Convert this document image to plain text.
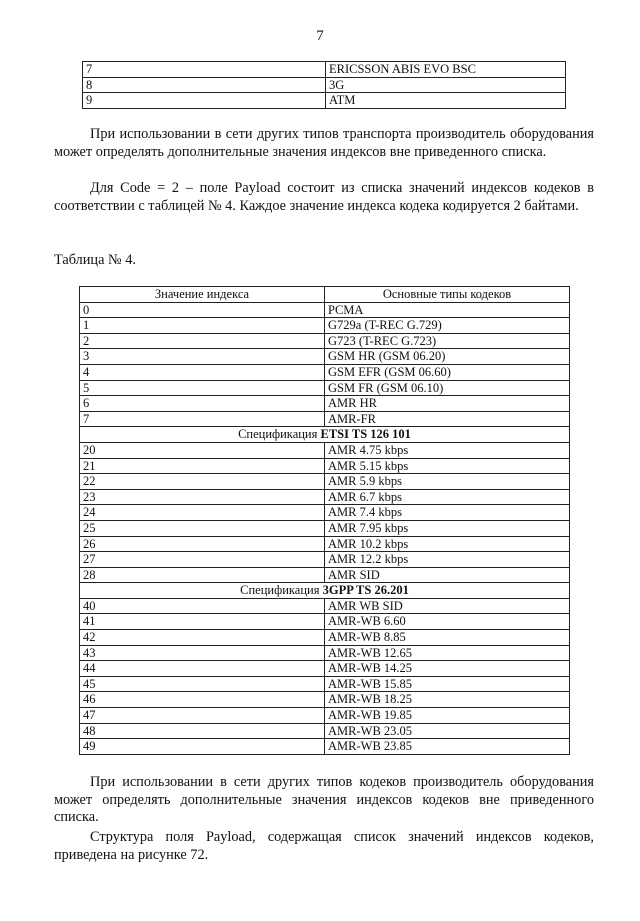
7
7	ERICSSON ABIS EVO BSC
8	3G
9	ATM

При использовании в сети других типов транспорта производитель оборудования может определять дополнительные значения индексов вне приведенного списка.

Для Code = 2 – поле Payload состоит из списка значений индексов кодеков в соответствии с таблицей № 4. Каждое значение индекса кодека кодируется 2 байтами.

Таблица № 4.

Значение индекса	Основные типы кодеков
0	PCMA
1	G729a (T-REC G.729)
2	G723 (T-REC G.723)
3	GSM HR (GSM 06.20)
4	GSM EFR (GSM 06.60)
5	GSM FR (GSM 06.10)
6	AMR HR
7	AMR-FR
Спецификация ETSI TS 126 101	
20	AMR 4.75 kbps
21	AMR 5.15 kbps
22	AMR 5.9 kbps
23	AMR 6.7 kbps
24	AMR 7.4 kbps
25	AMR 7.95 kbps
26	AMR 10.2 kbps
27	AMR 12.2 kbps
28	AMR SID
Спецификация 3GPP TS 26.201	
40	AMR WB SID
41	AMR-WB 6.60
42	AMR-WB 8.85
43	AMR-WB 12.65
44	AMR-WB 14.25
45	AMR-WB 15.85
46	AMR-WB 18.25
47	AMR-WB 19.85
48	AMR-WB 23.05
49	AMR-WB 23.85

При использовании в сети других типов кодеков производитель оборудования может определять дополнительные значения индексов кодеков вне приведенного списка.

Структура поля Payload, содержащая список значений индексов кодеков, приведена на рисунке 72.
